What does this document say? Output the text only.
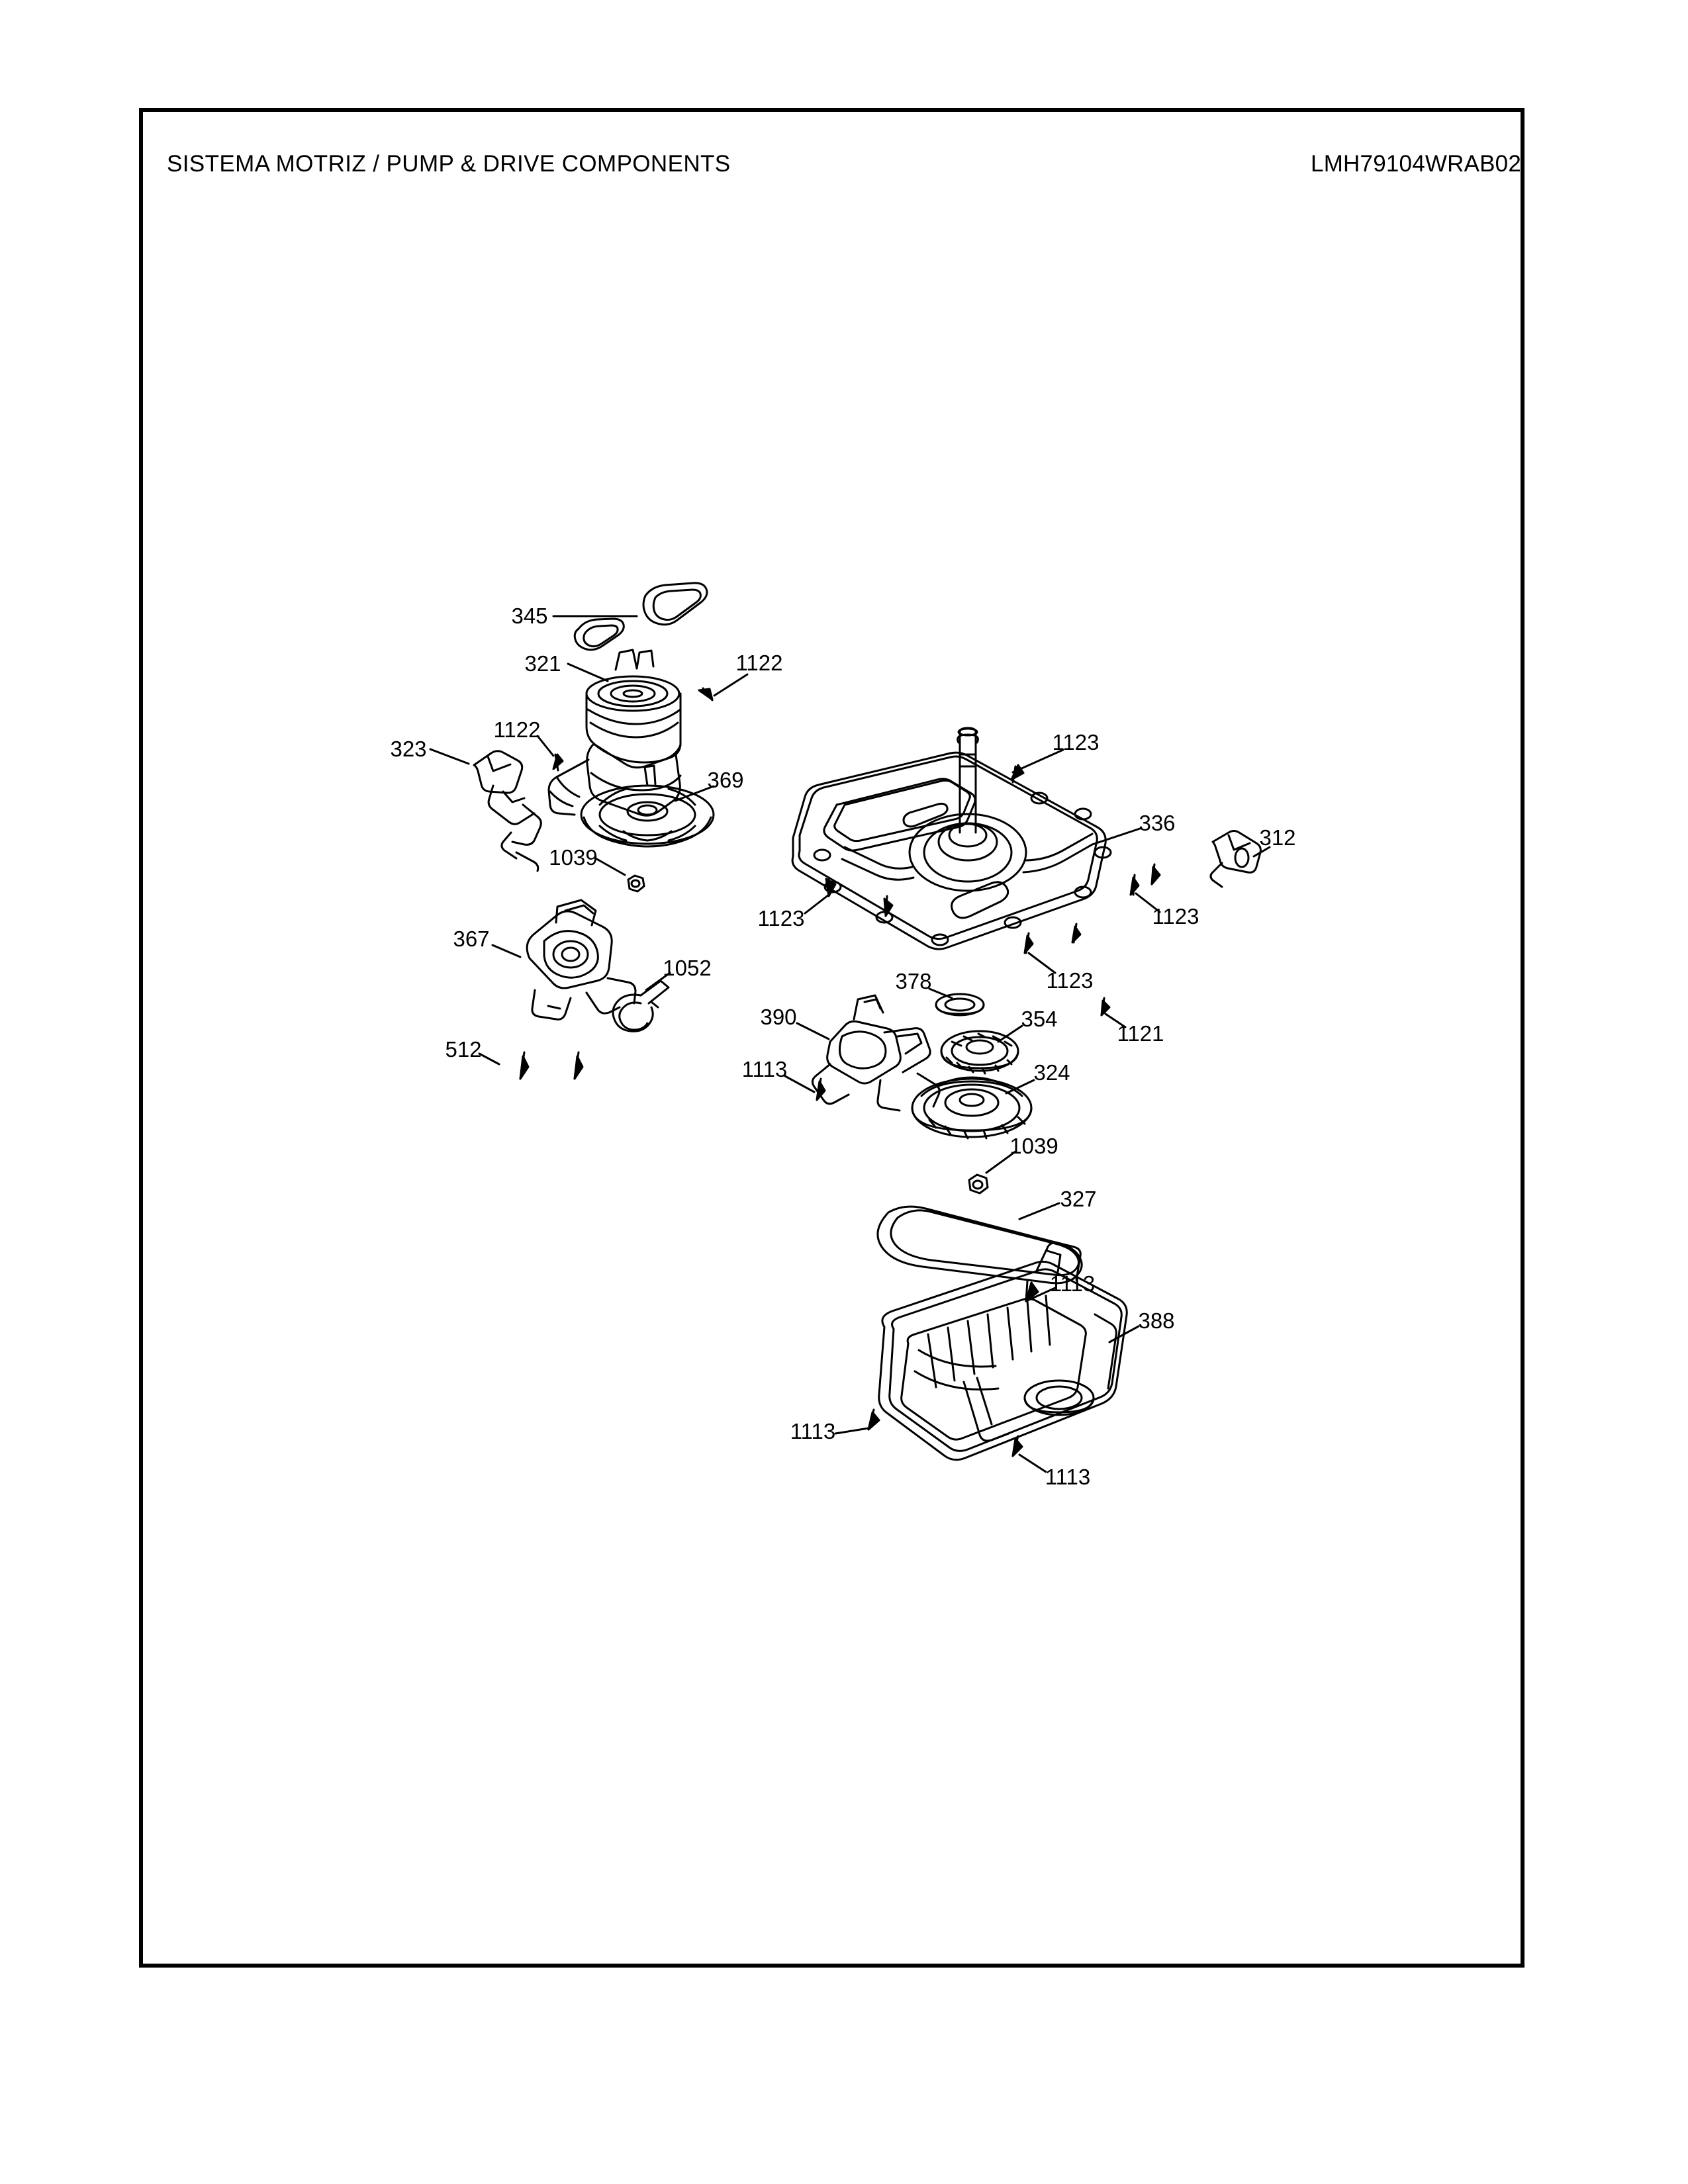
SISTEMA MOTRIZ / PUMP & DRIVE COMPONENTS	LMH79104WRAB02
345
321	1122
1122
323
369
1039
1123
336
312
1123	1123
367
1052
378	1123
390	354
1121
512
1113	324
1039
327
1113
388
1113
1113
